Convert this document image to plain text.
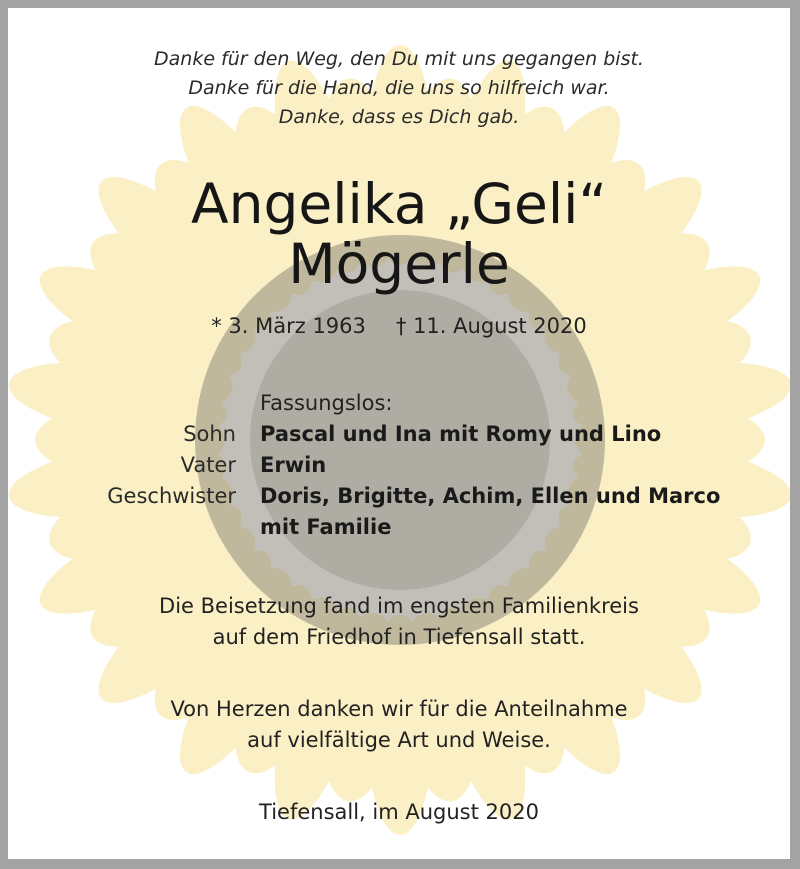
Danke für den Weg, den Du mit uns gegangen bist.
Danke für die Hand, die uns so hilfreich war.
Danke, dass es Dich gab.
Angelika „Geli“
Mögerle
* 3. März 1963 † 11. August 2020
Fassungslos:
Sohn Pascal und Ina mit Romy und Lino
Vater Erwin
Geschwister Doris, Brigitte, Achim, Ellen und Marco
mit Familie
Die Beisetzung fand im engsten Familienkreis
auf dem Friedhof in Tiefensall statt.
Von Herzen danken wir für die Anteilnahme
auf vielfältige Art und Weise.
Tiefensall, im August 2020
